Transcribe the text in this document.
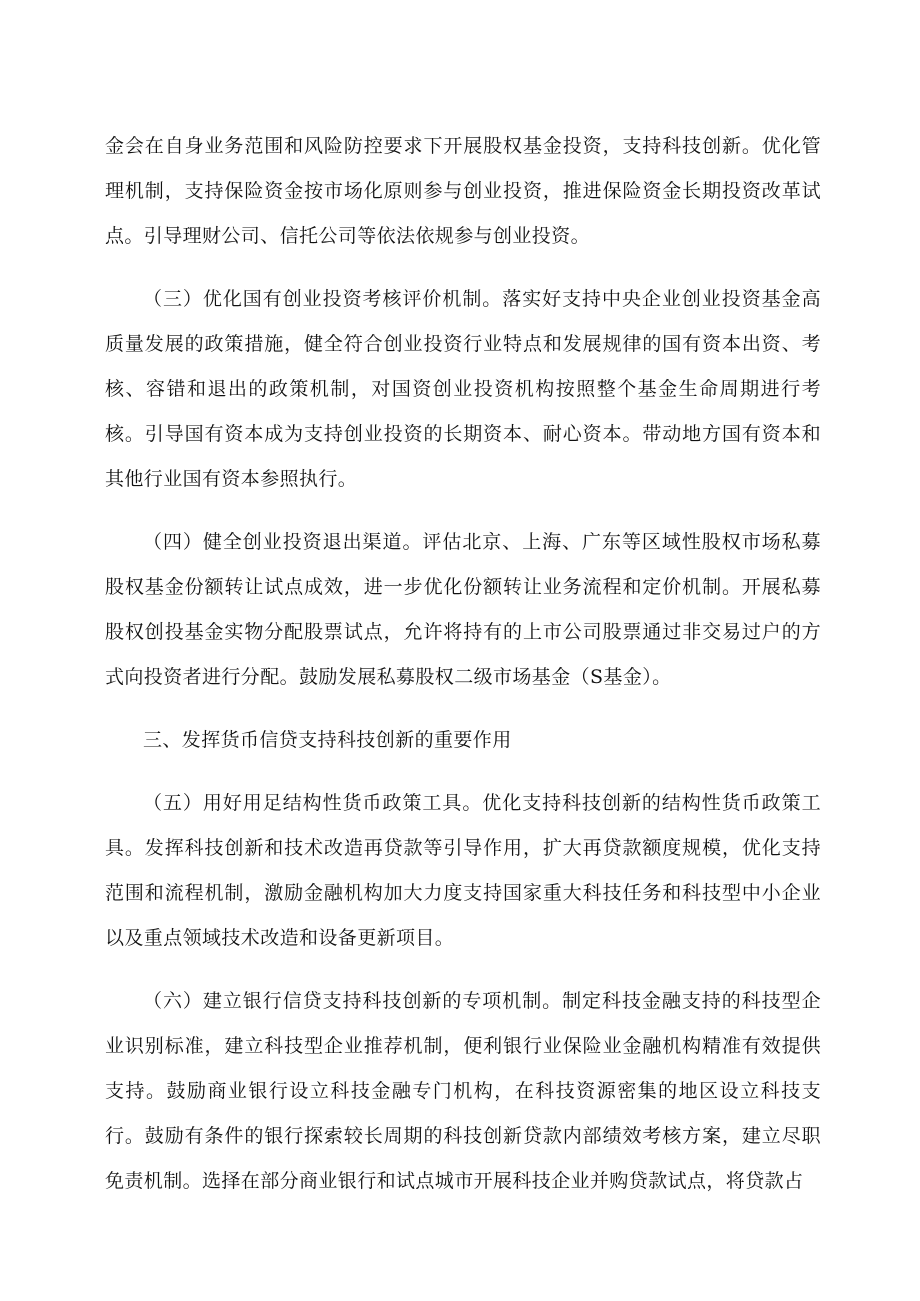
金会在自身业务范围和风险防控要求下开展股权基金投资，支持科技创新。优化管理机制，支持保险资金按市场化原则参与创业投资，推进保险资金长期投资改革试点。引导理财公司、信托公司等依法依规参与创业投资。

（三）优化国有创业投资考核评价机制。落实好支持中央企业创业投资基金高质量发展的政策措施，健全符合创业投资行业特点和发展规律的国有资本出资、考核、容错和退出的政策机制，对国资创业投资机构按照整个基金生命周期进行考核。引导国有资本成为支持创业投资的长期资本、耐心资本。带动地方国有资本和其他行业国有资本参照执行。

（四）健全创业投资退出渠道。评估北京、上海、广东等区域性股权市场私募股权基金份额转让试点成效，进一步优化份额转让业务流程和定价机制。开展私募股权创投基金实物分配股票试点，允许将持有的上市公司股票通过非交易过户的方式向投资者进行分配。鼓励发展私募股权二级市场基金（S基金）。

三、发挥货币信贷支持科技创新的重要作用

（五）用好用足结构性货币政策工具。优化支持科技创新的结构性货币政策工具。发挥科技创新和技术改造再贷款等引导作用，扩大再贷款额度规模，优化支持范围和流程机制，激励金融机构加大力度支持国家重大科技任务和科技型中小企业以及重点领域技术改造和设备更新项目。

（六）建立银行信贷支持科技创新的专项机制。制定科技金融支持的科技型企业识别标准，建立科技型企业推荐机制，便利银行业保险业金融机构精准有效提供支持。鼓励商业银行设立科技金融专门机构，在科技资源密集的地区设立科技支行。鼓励有条件的银行探索较长周期的科技创新贷款内部绩效考核方案，建立尽职免责机制。选择在部分商业银行和试点城市开展科技企业并购贷款试点，将贷款占
